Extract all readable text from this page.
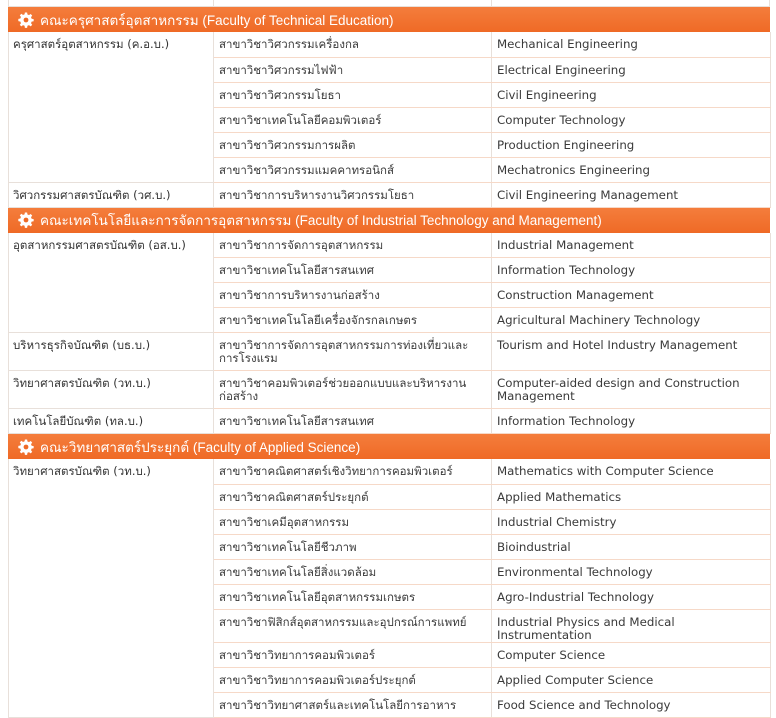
คณะครุศาสตร์อุตสาหกรรม (Faculty of Technical Education)
ครุศาสตร์อุตสาหกรรม (ค.อ.บ.)	สาขาวิชาวิศวกรรมเครื่องกล	Mechanical Engineering
	สาขาวิชาวิศวกรรมไฟฟ้า	Electrical Engineering
	สาขาวิชาวิศวกรรมโยธา	Civil Engineering
	สาขาวิชาเทคโนโลยีคอมพิวเตอร์	Computer Technology
	สาขาวิชาวิศวกรรมการผลิต	Production Engineering
	สาขาวิชาวิศวกรรมแมคคาทรอนิกส์	Mechatronics Engineering
วิศวกรรมศาสตรบัณฑิต (วศ.บ.)	สาขาวิชาการบริหารงานวิศวกรรมโยธา	Civil Engineering Management
คณะเทคโนโลยีและการจัดการอุตสาหกรรม (Faculty of Industrial Technology and Management)
อุตสาหกรรมศาสตรบัณฑิต (อส.บ.)	สาขาวิชาการจัดการอุตสาหกรรม	Industrial Management
	สาขาวิชาเทคโนโลยีสารสนเทศ	Information Technology
	สาขาวิชาการบริหารงานก่อสร้าง	Construction Management
	สาขาวิชาเทคโนโลยีเครื่องจักรกลเกษตร	Agricultural Machinery Technology
บริหารธุรกิจบัณฑิต (บธ.บ.)	สาขาวิชาการจัดการอุตสาหกรรมการท่องเที่ยวและการโรงแรม	Tourism and Hotel Industry Management
วิทยาศาสตรบัณฑิต (วท.บ.)	สาขาวิชาคอมพิวเตอร์ช่วยออกแบบและบริหารงานก่อสร้าง	Computer-aided design and Construction Management
เทคโนโลยีบัณฑิต (ทล.บ.)	สาขาวิชาเทคโนโลยีสารสนเทศ	Information Technology
คณะวิทยาศาสตร์ประยุกต์ (Faculty of Applied Science)
วิทยาศาสตรบัณฑิต (วท.บ.)	สาขาวิชาคณิตศาสตร์เชิงวิทยาการคอมพิวเตอร์	Mathematics with Computer Science
	สาขาวิชาคณิตศาสตร์ประยุกต์	Applied Mathematics
	สาขาวิชาเคมีอุตสาหกรรม	Industrial Chemistry
	สาขาวิชาเทคโนโลยีชีวภาพ	Bioindustrial
	สาขาวิชาเทคโนโลยีสิ่งแวดล้อม	Environmental Technology
	สาขาวิชาเทคโนโลยีอุตสาหกรรมเกษตร	Agro-Industrial Technology
	สาขาวิชาฟิสิกส์อุตสาหกรรมและอุปกรณ์การแพทย์	Industrial Physics and Medical Instrumentation
	สาขาวิชาวิทยาการคอมพิวเตอร์	Computer Science
	สาขาวิชาวิทยาการคอมพิวเตอร์ประยุกต์	Applied Computer Science
	สาขาวิชาวิทยาศาสตร์และเทคโนโลยีการอาหาร	Food Science and Technology
